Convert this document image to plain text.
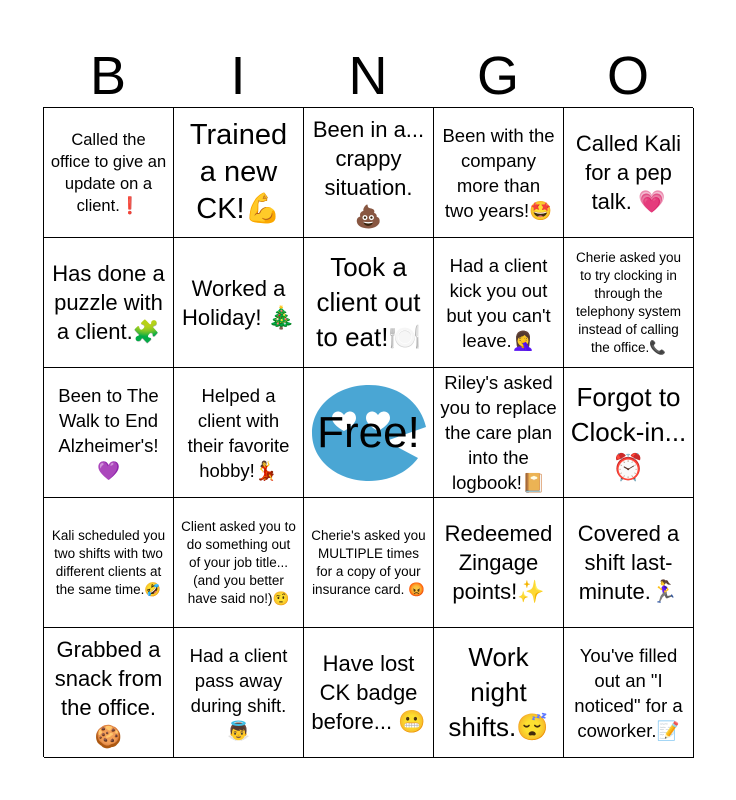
B	I	N	G	O
Called the office to give an update on a client.❗
Trained a new CK!💪
Been in a... crappy situation. 💩
Been with the company more than two years!🤩
Called Kali for a pep talk. 💗
Has done a puzzle with a client.🧩
Worked a Holiday! 🎄
Took a client out to eat!🍽️
Had a client kick you out but you can't leave.🤦‍♀️
Cherie asked you to try clocking in through the telephony system instead of calling the office.📞
Been to The Walk to End Alzheimer's! 💜
Helped a client with their favorite hobby!💃
Free!
Riley's asked you to replace the care plan into the logbook!📔
Forgot to Clock-in...⏰
Kali scheduled you two shifts with two different clients at the same time.🤣
Client asked you to do something out of your job title...(and you better have said no!)🤨
Cherie's asked you MULTIPLE times for a copy of your insurance card. 😡
Redeemed Zingage points!✨
Covered a shift last-minute.🏃‍♀️
Grabbed a snack from the office.🍪
Had a client pass away during shift. 👼
Have lost CK badge before... 😬
Work night shifts.😴
You've filled out an "I noticed" for a coworker.📝
